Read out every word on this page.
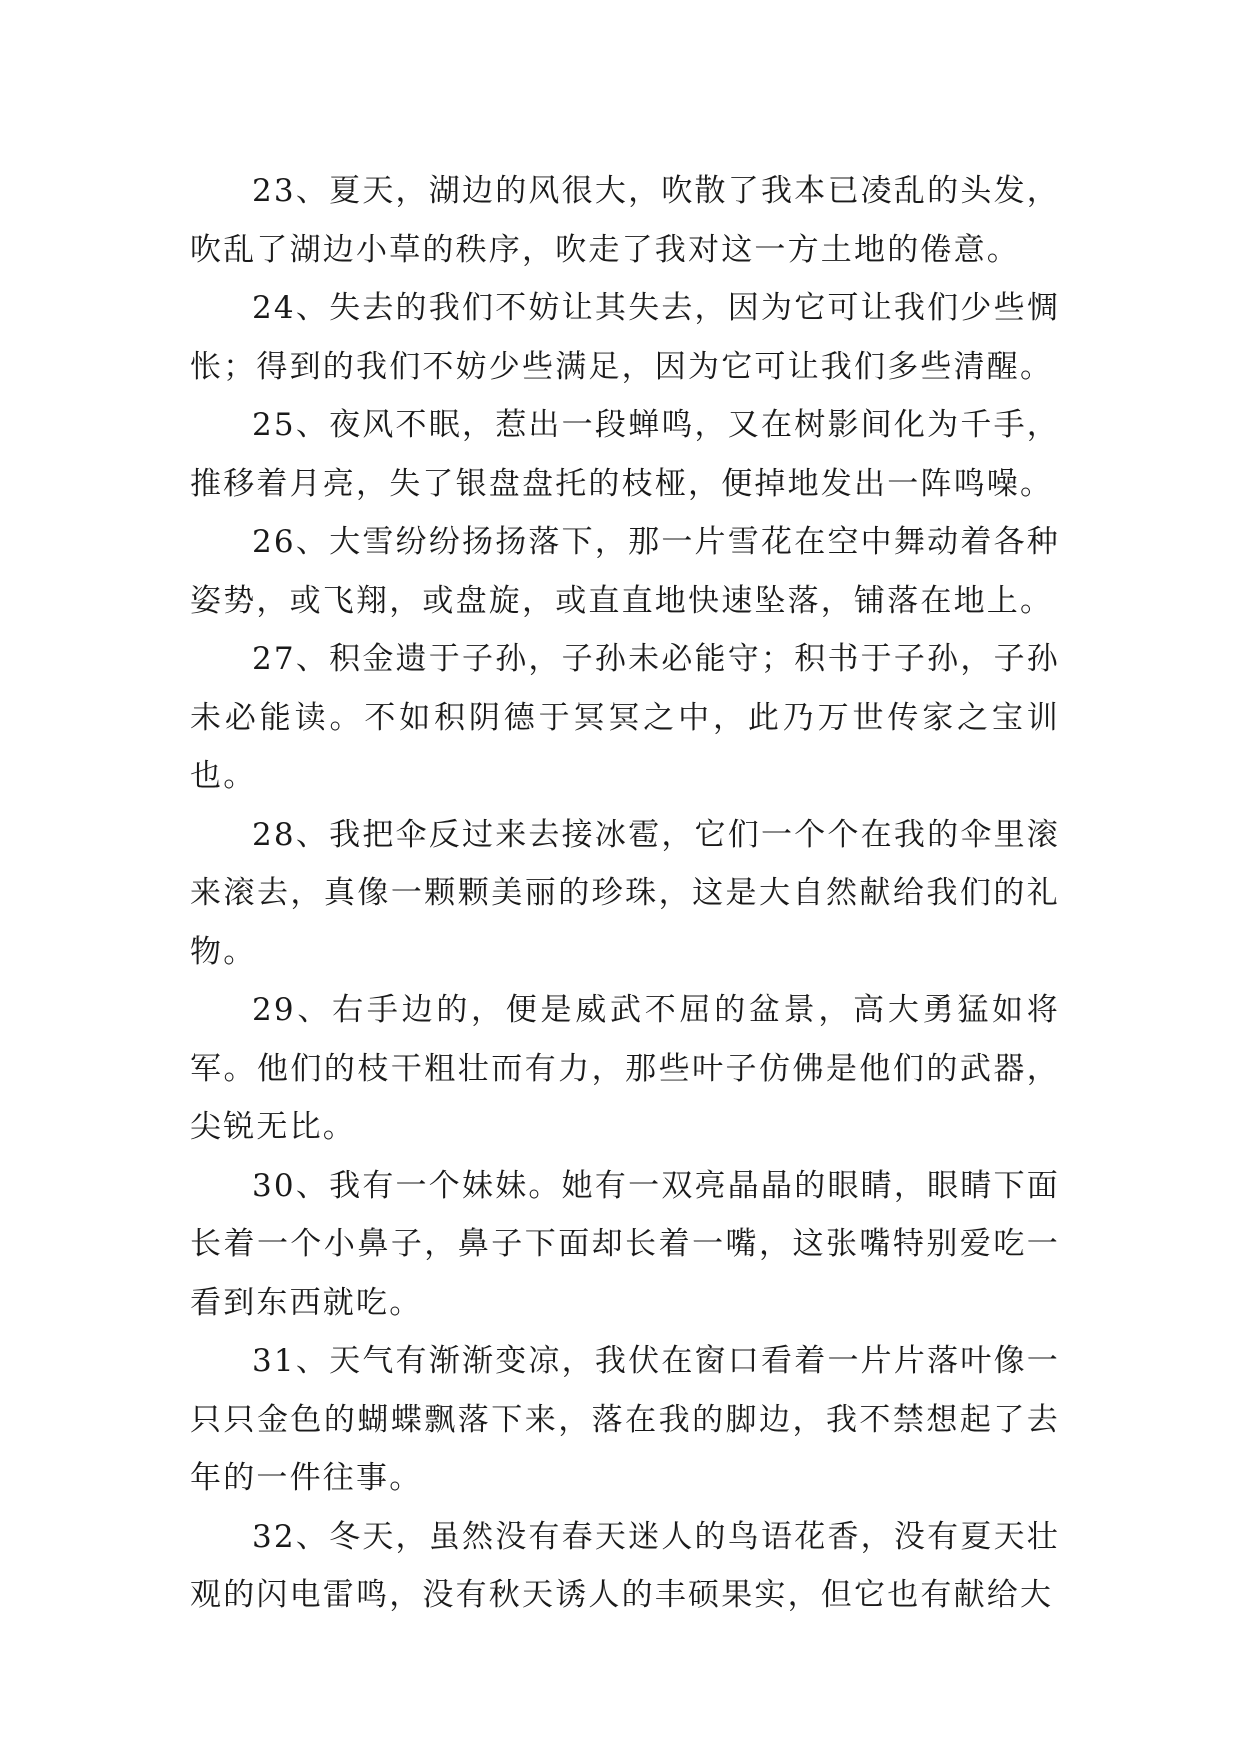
23、夏天，湖边的风很大，吹散了我本已凌乱的头发，吹乱了湖边小草的秩序，吹走了我对这一方土地的倦意。

24、失去的我们不妨让其失去，因为它可让我们少些惆怅；得到的我们不妨少些满足，因为它可让我们多些清醒。

25、夜风不眠，惹出一段蝉鸣，又在树影间化为千手，推移着月亮，失了银盘盘托的枝桠，便掉地发出一阵鸣噪。

26、大雪纷纷扬扬落下，那一片雪花在空中舞动着各种姿势，或飞翔，或盘旋，或直直地快速坠落，铺落在地上。

27、积金遗于子孙，子孙未必能守；积书于子孙，子孙未必能读。不如积阴德于冥冥之中，此乃万世传家之宝训也。

28、我把伞反过来去接冰雹，它们一个个在我的伞里滚来滚去，真像一颗颗美丽的珍珠，这是大自然献给我们的礼物。

29、右手边的，便是威武不屈的盆景，高大勇猛如将军。他们的枝干粗壮而有力，那些叶子仿佛是他们的武器，尖锐无比。

30、我有一个妹妹。她有一双亮晶晶的眼睛，眼睛下面长着一个小鼻子，鼻子下面却长着一嘴，这张嘴特别爱吃一看到东西就吃。

31、天气有渐渐变凉，我伏在窗口看着一片片落叶像一只只金色的蝴蝶飘落下来，落在我的脚边，我不禁想起了去年的一件往事。

32、冬天，虽然没有春天迷人的鸟语花香，没有夏天壮观的闪电雷鸣，没有秋天诱人的丰硕果实，但它也有献给大
